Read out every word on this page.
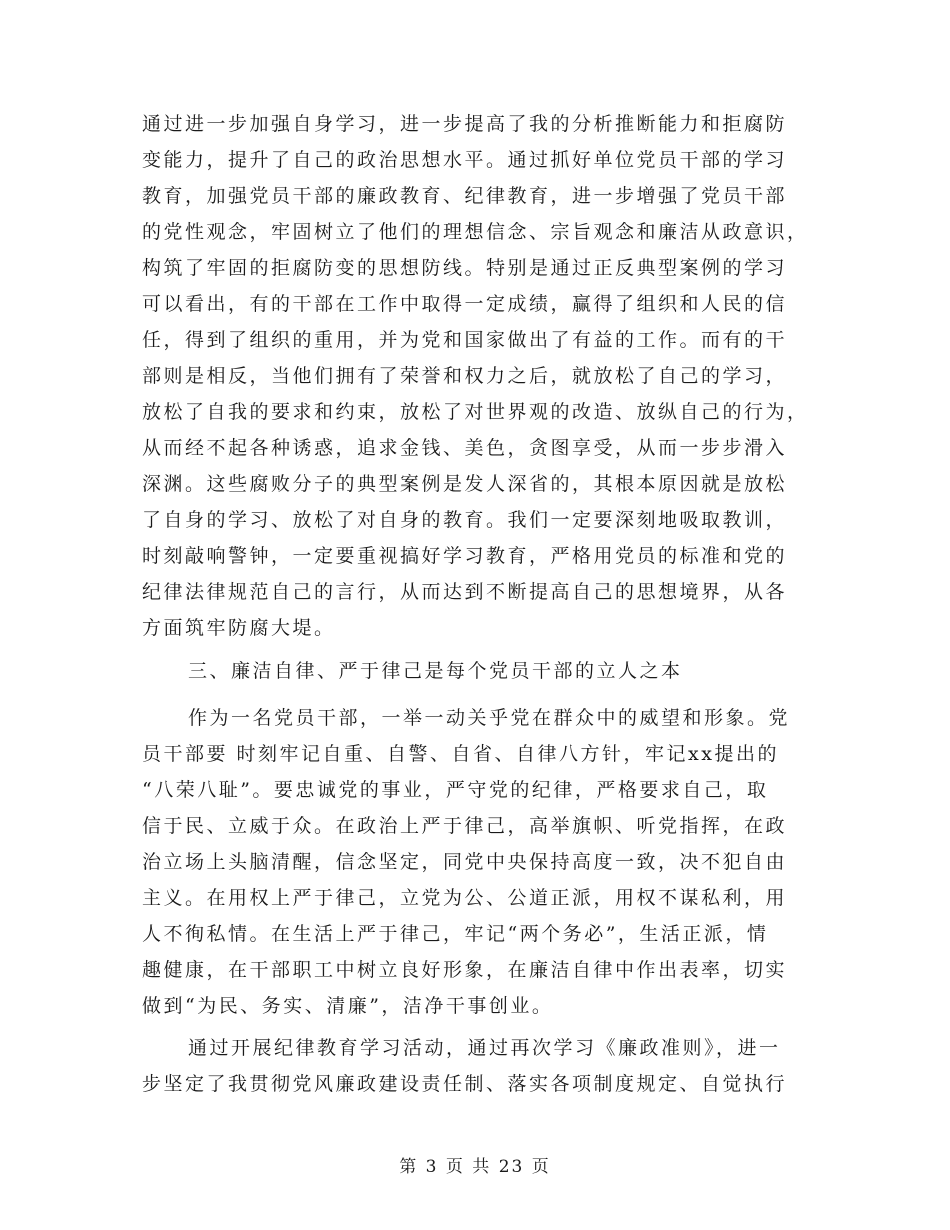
通过进一步加强自身学习，进一步提高了我的分析推断能力和拒腐防
变能力，提升了自己的政治思想水平。通过抓好单位党员干部的学习
教育，加强党员干部的廉政教育、纪律教育，进一步增强了党员干部
的党性观念，牢固树立了他们的理想信念、宗旨观念和廉洁从政意识，
构筑了牢固的拒腐防变的思想防线。特别是通过正反典型案例的学习
可以看出，有的干部在工作中取得一定成绩，赢得了组织和人民的信
任，得到了组织的重用，并为党和国家做出了有益的工作。而有的干
部则是相反，当他们拥有了荣誉和权力之后，就放松了自己的学习，
放松了自我的要求和约束，放松了对世界观的改造、放纵自己的行为，
从而经不起各种诱惑，追求金钱、美色，贪图享受，从而一步步滑入
深渊。这些腐败分子的典型案例是发人深省的，其根本原因就是放松
了自身的学习、放松了对自身的教育。我们一定要深刻地吸取教训，
时刻敲响警钟，一定要重视搞好学习教育，严格用党员的标准和党的
纪律法律规范自己的言行，从而达到不断提高自己的思想境界，从各
方面筑牢防腐大堤。
三、廉洁自律、严于律己是每个党员干部的立人之本
作为一名党员干部，一举一动关乎党在群众中的威望和形象。党
员干部要 时刻牢记自重、自警、自省、自律八方针，牢记xx提出的
“八荣八耻”。要忠诚党的事业，严守党的纪律，严格要求自己，取
信于民、立威于众。在政治上严于律己，高举旗帜、听党指挥，在政
治立场上头脑清醒，信念坚定，同党中央保持高度一致，决不犯自由
主义。在用权上严于律己，立党为公、公道正派，用权不谋私利，用
人不徇私情。在生活上严于律己，牢记“两个务必”，生活正派，情
趣健康，在干部职工中树立良好形象，在廉洁自律中作出表率，切实
做到“为民、务实、清廉”，洁净干事创业。
通过开展纪律教育学习活动，通过再次学习《廉政准则》，进一
步坚定了我贯彻党风廉政建设责任制、落实各项制度规定、自觉执行
第 3 页 共 23 页
